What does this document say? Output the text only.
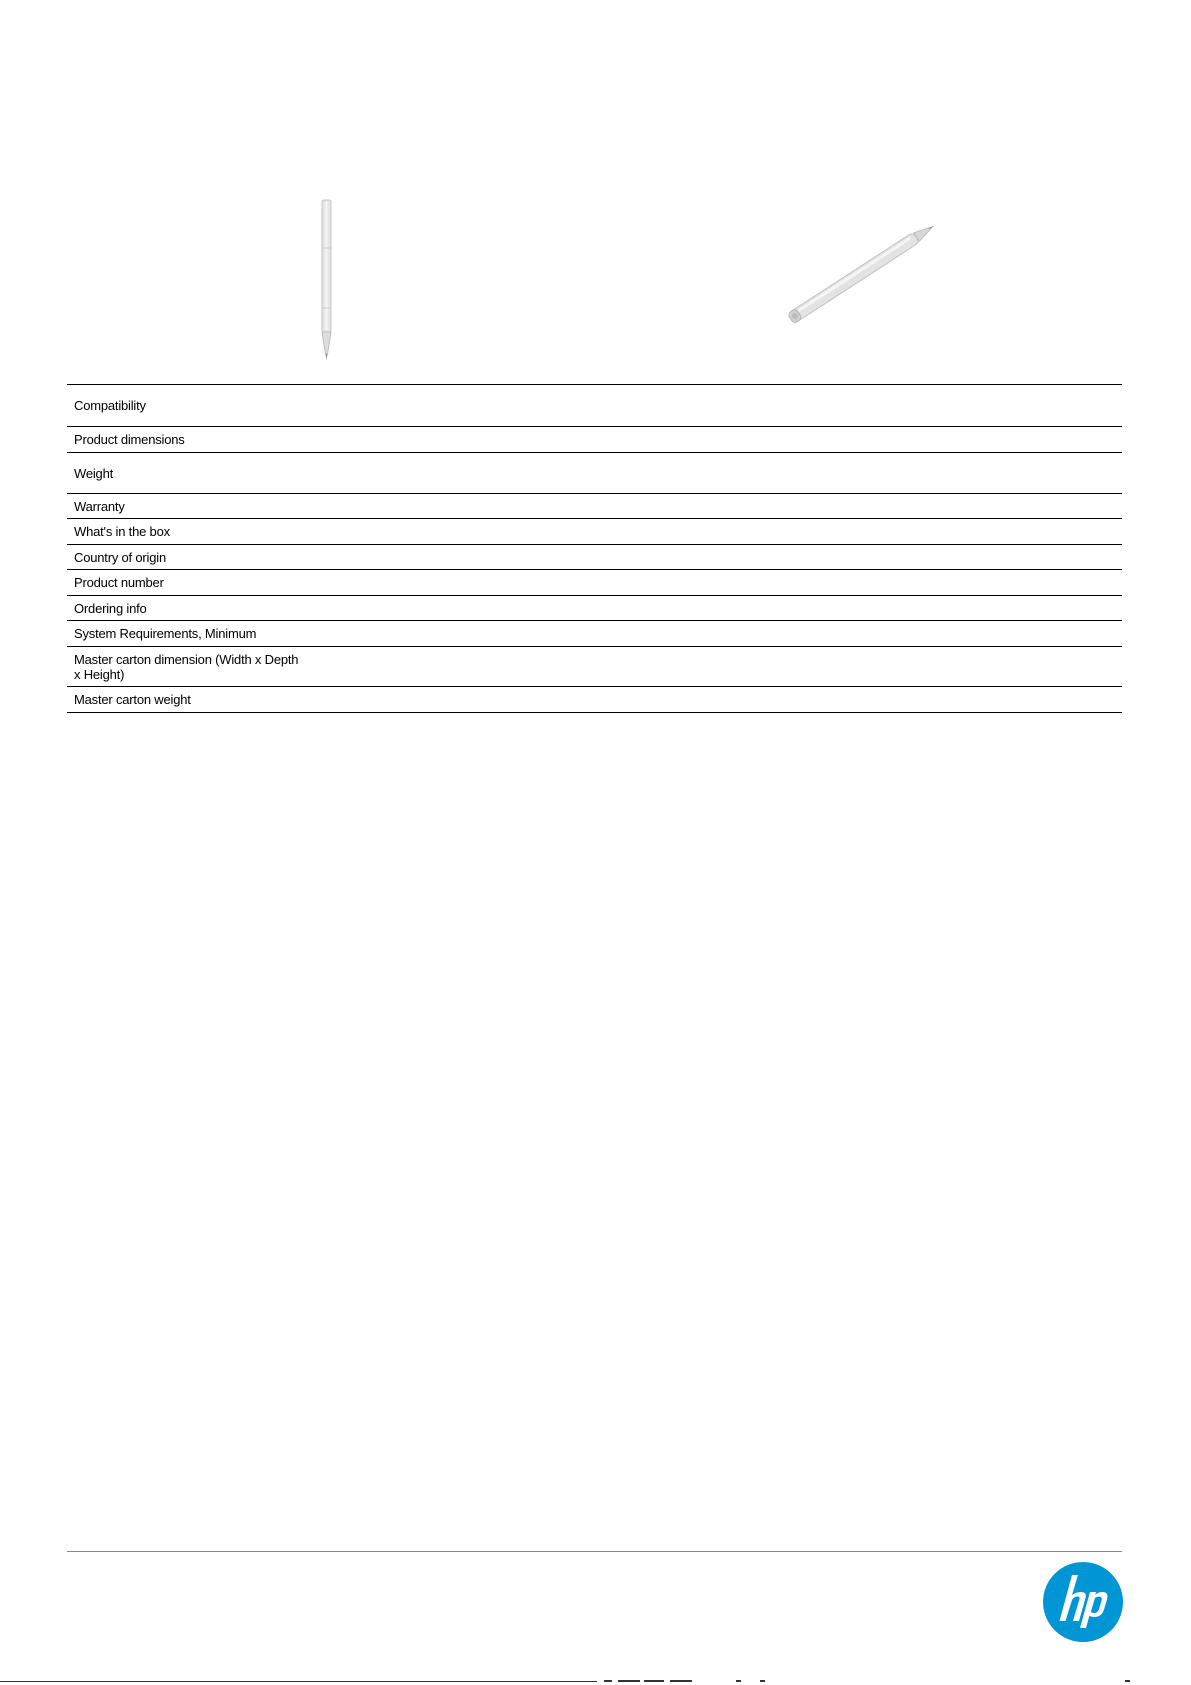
Compatibility
Product dimensions
Weight
Warranty
What's in the box
Country of origin
Product number
Ordering info
System Requirements, Minimum
Master carton dimension (Width x Depth x Height)
Master carton weight
